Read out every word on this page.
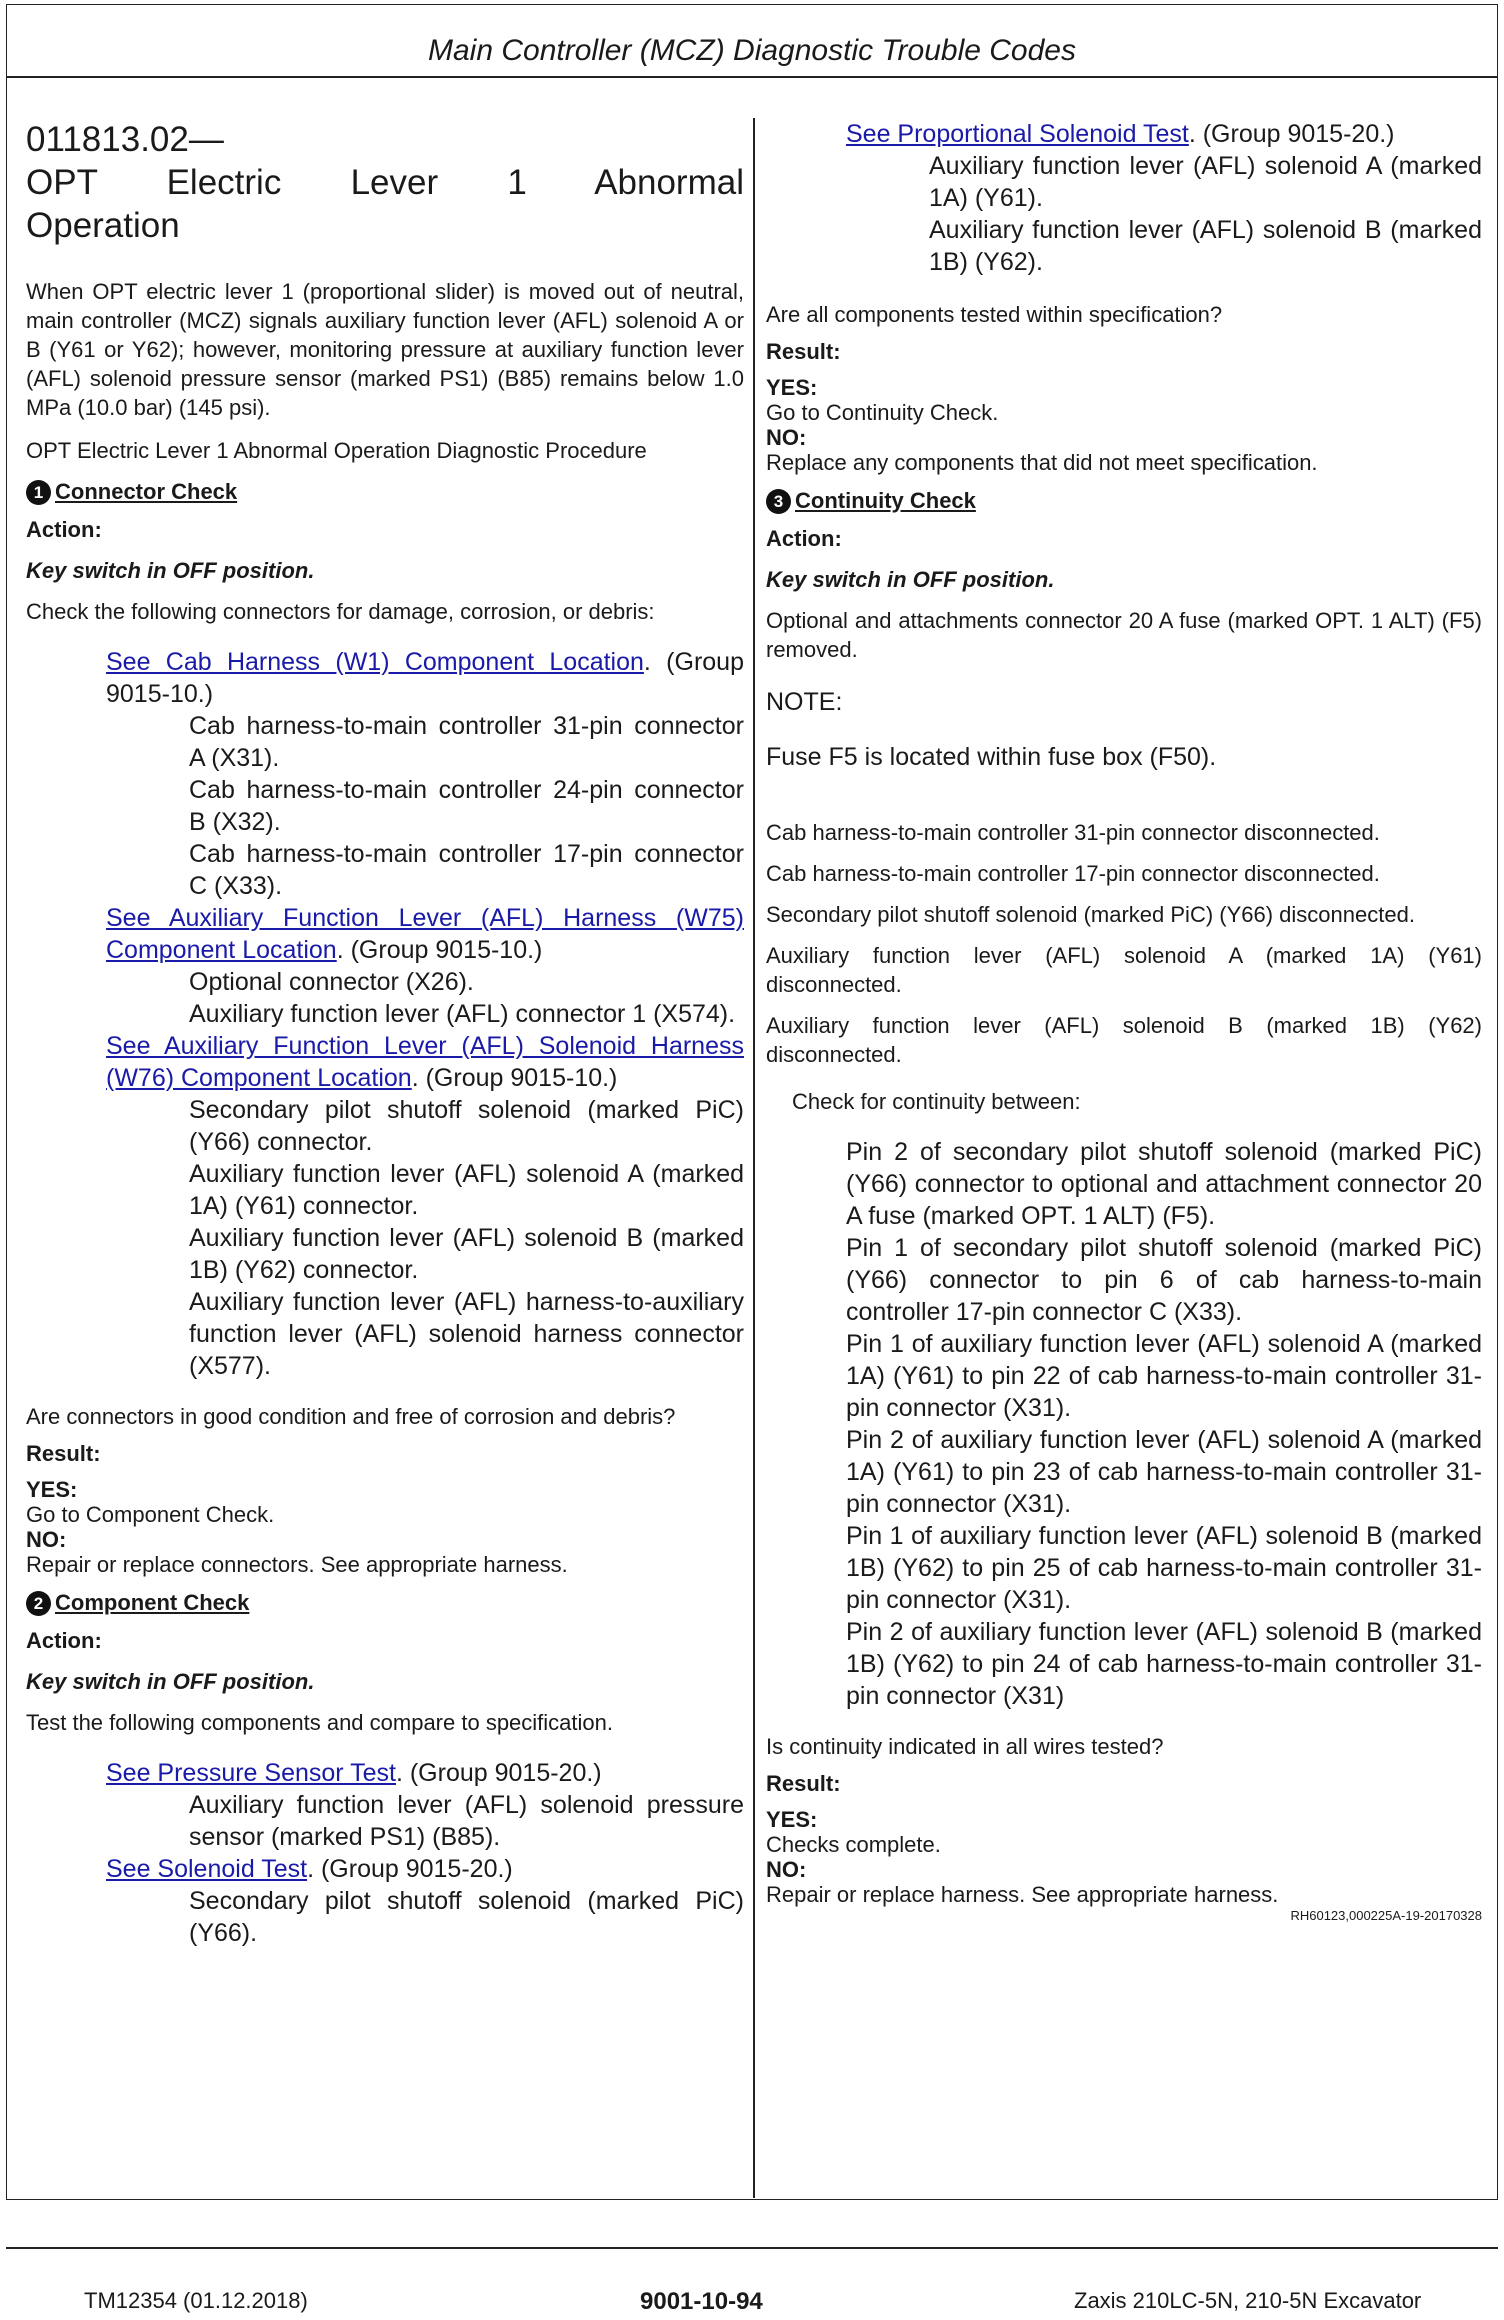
Main Controller (MCZ) Diagnostic Trouble Codes

011813.02—

OPT Electric Lever 1 Abnormal

Operation

When OPT electric lever 1 (proportional slider) is moved out of neutral, main controller (MCZ) signals auxiliary function lever (AFL) solenoid A or B (Y61 or Y62); however, monitoring pressure at auxiliary function lever (AFL) solenoid pressure sensor (marked PS1) (B85) remains below 1.0 MPa (10.0 bar) (145 psi).

OPT Electric Lever 1 Abnormal Operation Diagnostic Procedure

1 Connector Check

Action:

Key switch in OFF position.

Check the following connectors for damage, corrosion, or debris:

See Cab Harness (W1) Component Location. (Group 9015-10.)

Cab harness-to-main controller 31-pin connector A (X31).

Cab harness-to-main controller 24-pin connector B (X32).

Cab harness-to-main controller 17-pin connector C (X33).

See Auxiliary Function Lever (AFL) Harness (W75) Component Location. (Group 9015-10.)

Optional connector (X26).

Auxiliary function lever (AFL) connector 1 (X574).

See Auxiliary Function Lever (AFL) Solenoid Harness (W76) Component Location. (Group 9015-10.)

Secondary pilot shutoff solenoid (marked PiC) (Y66) connector.

Auxiliary function lever (AFL) solenoid A (marked 1A) (Y61) connector.

Auxiliary function lever (AFL) solenoid B (marked 1B) (Y62) connector.

Auxiliary function lever (AFL) harness-to-auxiliary function lever (AFL) solenoid harness connector (X577).

Are connectors in good condition and free of corrosion and debris?

Result:

YES:

Go to Component Check.

NO:

Repair or replace connectors. See appropriate harness.

2 Component Check

Action:

Key switch in OFF position.

Test the following components and compare to specification.

See Pressure Sensor Test. (Group 9015-20.)

Auxiliary function lever (AFL) solenoid pressure sensor (marked PS1) (B85).

See Solenoid Test. (Group 9015-20.)

Secondary pilot shutoff solenoid (marked PiC) (Y66).

See Proportional Solenoid Test. (Group 9015-20.)

Auxiliary function lever (AFL) solenoid A (marked 1A) (Y61).

Auxiliary function lever (AFL) solenoid B (marked 1B) (Y62).

Are all components tested within specification?

Result:

YES:

Go to Continuity Check.

NO:

Replace any components that did not meet specification.

3 Continuity Check

Action:

Key switch in OFF position.

Optional and attachments connector 20 A fuse (marked OPT. 1 ALT) (F5) removed.

NOTE:

Fuse F5 is located within fuse box (F50).

Cab harness-to-main controller 31-pin connector disconnected.

Cab harness-to-main controller 17-pin connector disconnected.

Secondary pilot shutoff solenoid (marked PiC) (Y66) disconnected.

Auxiliary function lever (AFL) solenoid A (marked 1A) (Y61) disconnected.

Auxiliary function lever (AFL) solenoid B (marked 1B) (Y62) disconnected.

Check for continuity between:

Pin 2 of secondary pilot shutoff solenoid (marked PiC) (Y66) connector to optional and attachment connector 20 A fuse (marked OPT. 1 ALT) (F5).

Pin 1 of secondary pilot shutoff solenoid (marked PiC) (Y66) connector to pin 6 of cab harness-to-main controller 17-pin connector C (X33).

Pin 1 of auxiliary function lever (AFL) solenoid A (marked 1A) (Y61) to pin 22 of cab harness-to-main controller 31-pin connector (X31).

Pin 2 of auxiliary function lever (AFL) solenoid A (marked 1A) (Y61) to pin 23 of cab harness-to-main controller 31-pin connector (X31).

Pin 1 of auxiliary function lever (AFL) solenoid B (marked 1B) (Y62) to pin 25 of cab harness-to-main controller 31-pin connector (X31).

Pin 2 of auxiliary function lever (AFL) solenoid B (marked 1B) (Y62) to pin 24 of cab harness-to-main controller 31-pin connector (X31)

Is continuity indicated in all wires tested?

Result:

YES:

Checks complete.

NO:

Repair or replace harness. See appropriate harness.

RH60123,000225A-19-20170328

TM12354 (01.12.2018)	9001-10-94	Zaxis 210LC-5N, 210-5N Excavator
